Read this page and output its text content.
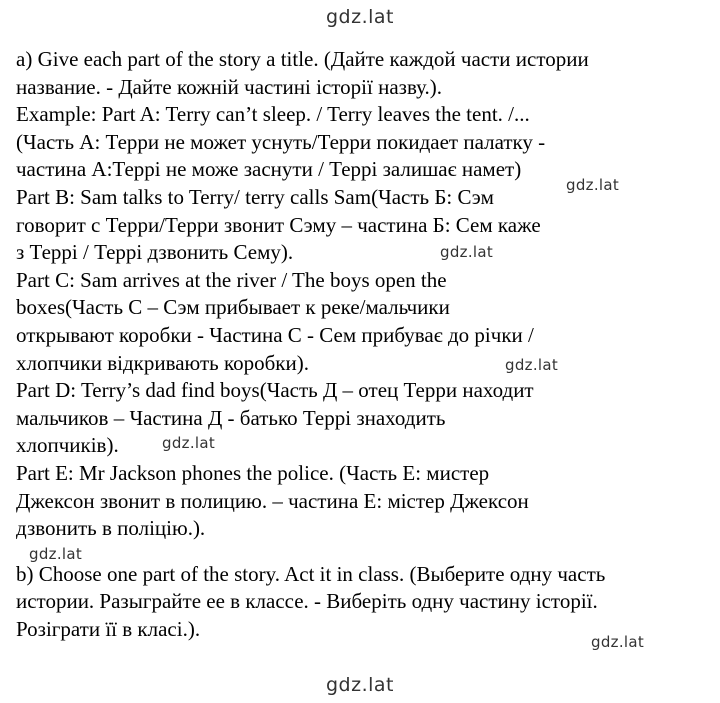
gdz.lat
a) Give each part of the story a title. (Дайте каждой части истории
название. - Дайте кожній частині історії назву.).
Example: Part A: Terry can’t sleep. / Terry leaves the tent. /...
(Часть А: Терри не может уснуть/Терри покидает палатку -
частина А:Террі не може заснути / Террі залишає намет)
Part B: Sam talks to Terry/ terry calls Sam(Часть Б: Сэм
говорит с Терри/Терри звонит Сэму – частина Б: Сем каже
з Террі / Террі дзвонить Сему).
Part C: Sam arrives at the river / The boys open the
boxes(Часть С – Сэм прибывает к реке/мальчики
открывают коробки - Частина С - Сем прибуває до річки /
хлопчики відкривають коробки).
Part D: Terry’s dad find boys(Часть Д – отец Терри находит
мальчиков – Частина Д - батько Террі знаходить
хлопчиків).
Part E: Mr Jackson phones the police. (Часть Е: мистер
Джексон звонит в полицию. – частина Е: містер Джексон
дзвонить в поліцію.).
b) Choose one part of the story. Act it in class. (Выберите одну часть
истории. Разыграйте ее в классе. - Виберіть одну частину історії.
Розіграти її в класі.).
gdz.lat
gdz.lat
gdz.lat
gdz.lat
gdz.lat
gdz.lat
gdz.lat
